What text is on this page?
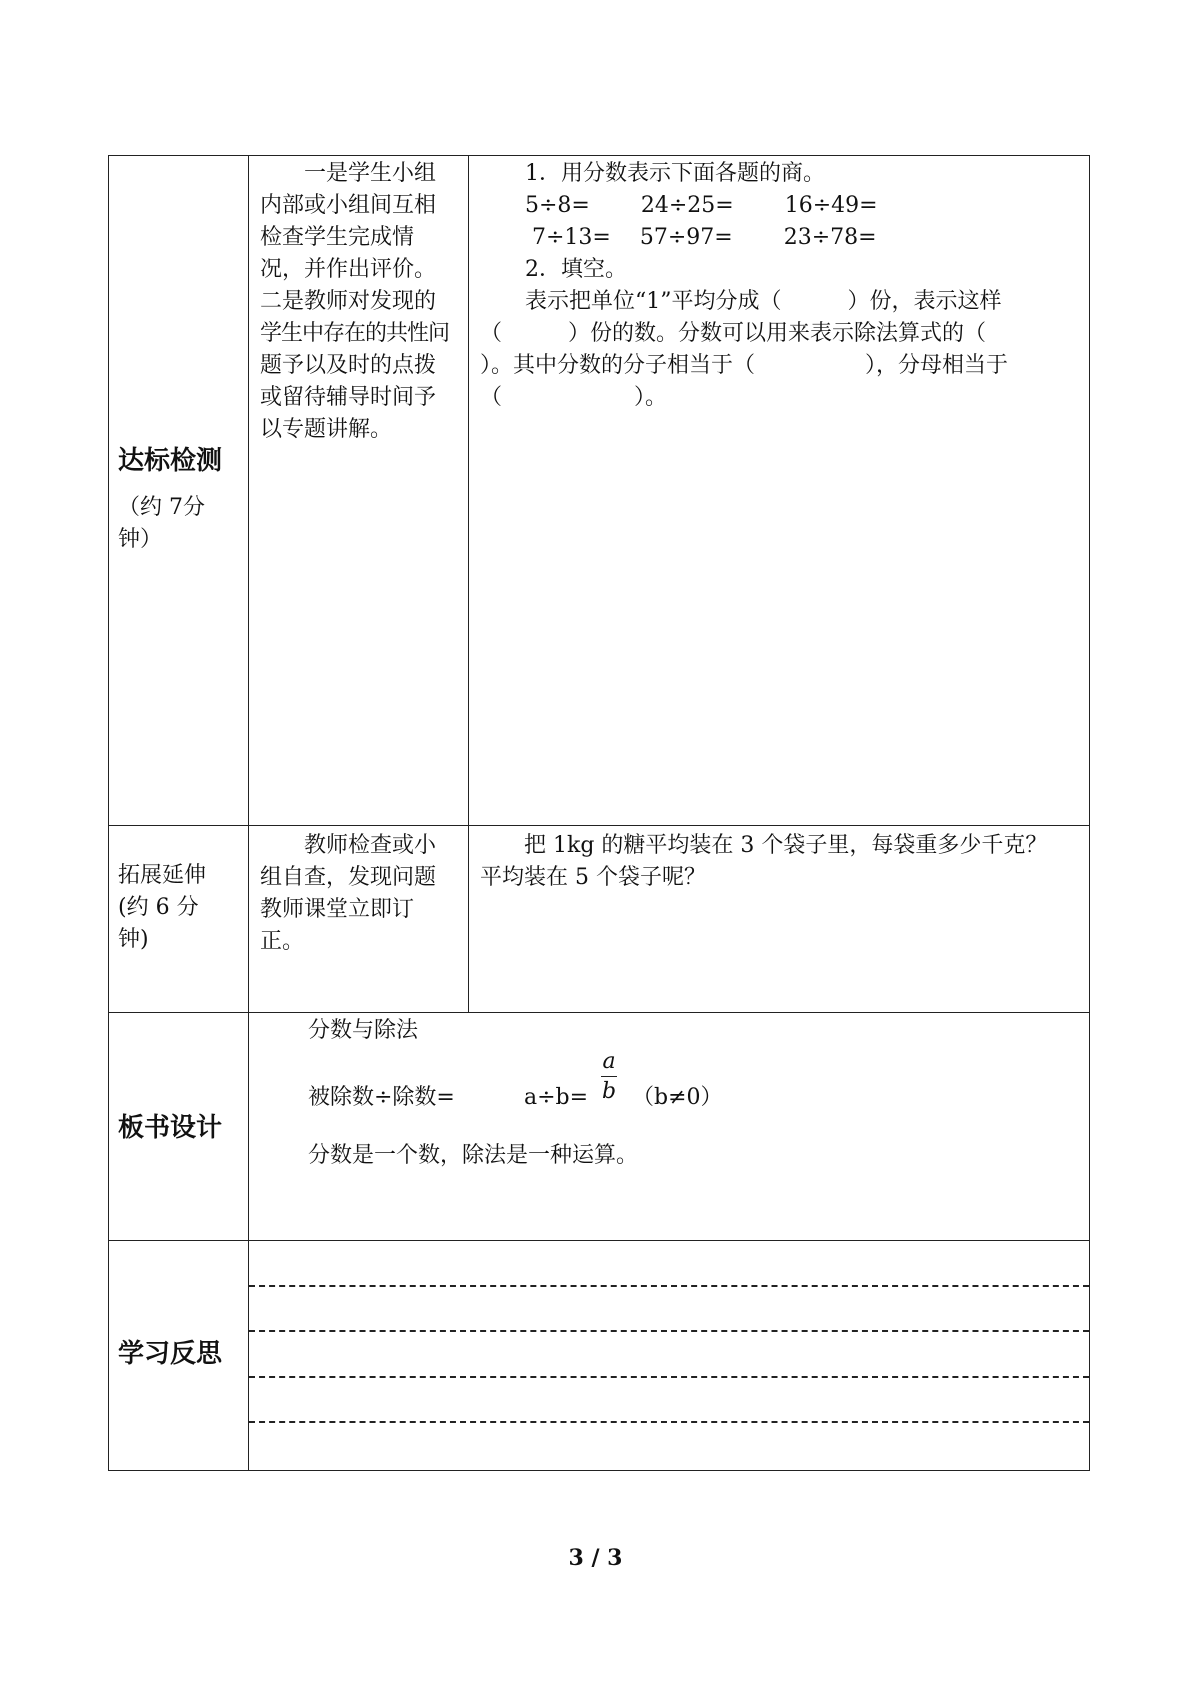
达标检测
（约 7分
钟）
　　一是学生小组
内部或小组间互相
检查学生完成情
况，并作出评价。
二是教师对发现的
学生中存在的共性问
题予以及时的点拨
或留待辅导时间予
以专题讲解。
　1．用分数表示下面各题的商。
　5÷8=　　 24÷25=　　 16÷49=
　 7÷13=　 57÷97=　　 23÷78=
　2．填空。
　表示把单位“1”平均分成（　　　）份，表示这样
（　　　）份的数。分数可以用来表示除法算式的（
）。其中分数的分子相当于（　　　　　），分母相当于
（　　　　　　）。
拓展延伸
(约 6 分
钟)
　　教师检查或小
组自查，发现问题
教师课堂立即订
正。
　　把 1kg 的糖平均装在 3 个袋子里，每袋重多少千克？
平均装在 5 个袋子呢？
板书设计
分数与除法
被除数÷除数=	a÷b=
a
b （b≠0）
分数是一个数，除法是一种运算。
学习反思
3 / 3
